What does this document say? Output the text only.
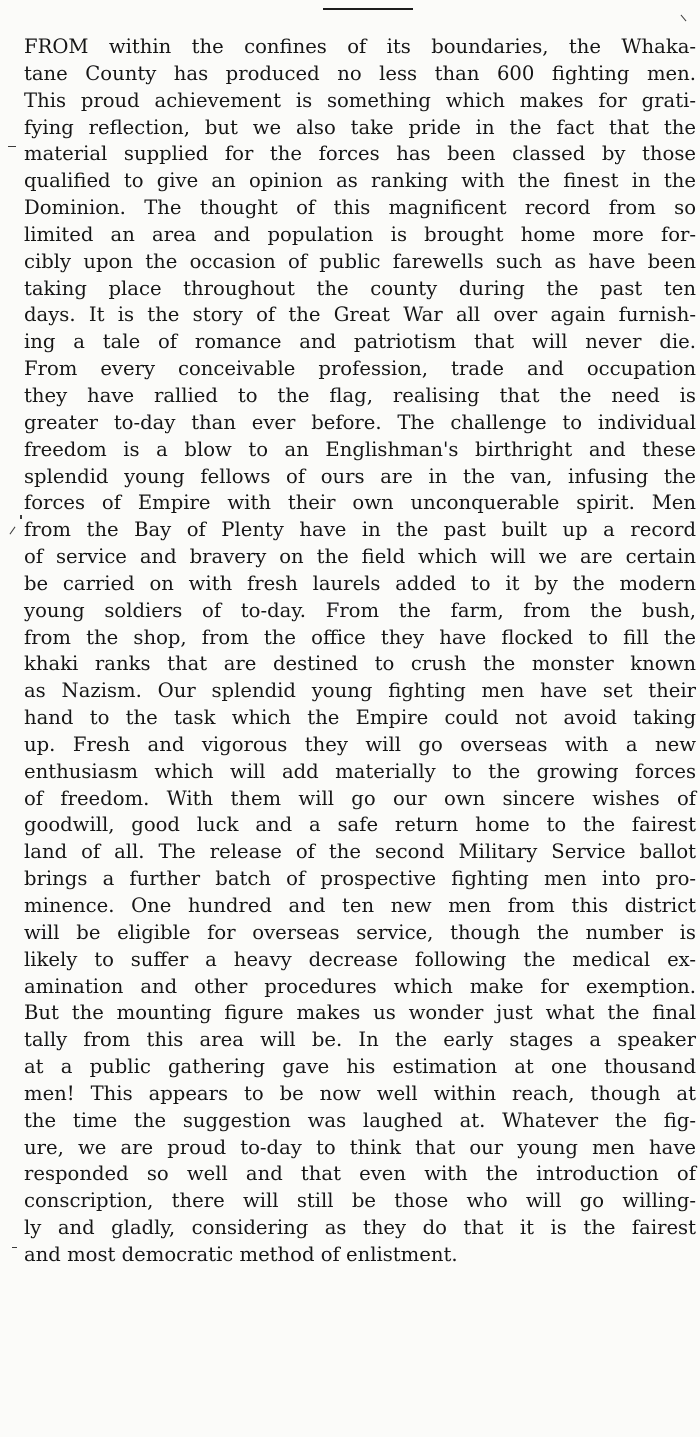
FROM within the confines of its boundaries, the Whaka-
tane County has produced no less than 600 fighting men.
This proud achievement is something which makes for grati-
fying reflection, but we also take pride in the fact that the
material supplied for the forces has been classed by those
qualified to give an opinion as ranking with the finest in the
Dominion. The thought of this magnificent record from so
limited an area and population is brought home more for-
cibly upon the occasion of public farewells such as have been
taking place throughout the county during the past ten
days. It is the story of the Great War all over again furnish-
ing a tale of romance and patriotism that will never die.
From every conceivable profession, trade and occupation
they have rallied to the flag, realising that the need is
greater to-day than ever before. The challenge to individual
freedom is a blow to an Englishman's birthright and these
splendid young fellows of ours are in the van, infusing the
forces of Empire with their own unconquerable spirit. Men
from the Bay of Plenty have in the past built up a record
of service and bravery on the field which will we are certain
be carried on with fresh laurels added to it by the modern
young soldiers of to-day. From the farm, from the bush,
from the shop, from the office they have flocked to fill the
khaki ranks that are destined to crush the monster known
as Nazism. Our splendid young fighting men have set their
hand to the task which the Empire could not avoid taking
up. Fresh and vigorous they will go overseas with a new
enthusiasm which will add materially to the growing forces
of freedom. With them will go our own sincere wishes of
goodwill, good luck and a safe return home to the fairest
land of all. The release of the second Military Service ballot
brings a further batch of prospective fighting men into pro-
minence. One hundred and ten new men from this district
will be eligible for overseas service, though the number is
likely to suffer a heavy decrease following the medical ex-
amination and other procedures which make for exemption.
But the mounting figure makes us wonder just what the final
tally from this area will be. In the early stages a speaker
at a public gathering gave his estimation at one thousand
men! This appears to be now well within reach, though at
the time the suggestion was laughed at. Whatever the fig-
ure, we are proud to-day to think that our young men have
responded so well and that even with the introduction of
conscription, there will still be those who will go willing-
ly and gladly, considering as they do that it is the fairest
and most democratic method of enlistment.
